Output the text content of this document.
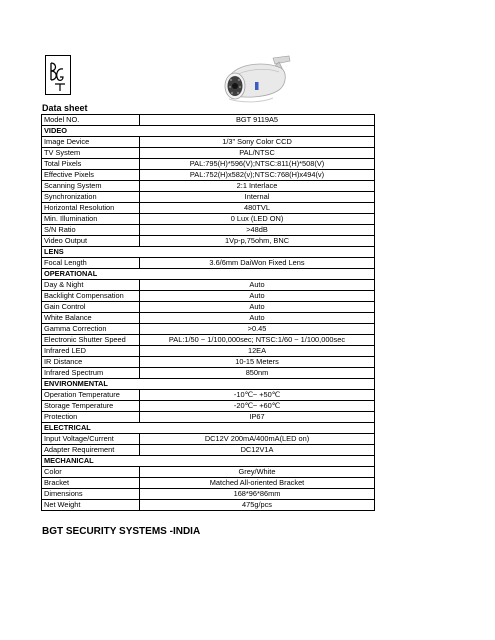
Data sheet
Model NO.	BGT 9119A5
VIDEO	
Image Device	1/3" Sony Color CCD
TV System	PAL/NTSC
Total Pixels	PAL:795(H)*596(V);NTSC:811(H)*508(V)
Effective Pixels	PAL:752(H)x582(v);NTSC:768(H)x494(v)
Scanning System	2:1 Interlace
Synchronization	Internal
Horizontal Resolution	480TVL
Min. Illumination	0 Lux (LED ON)
S/N Ratio	>48dB
Video Output	1Vp-p,75ohm, BNC
LENS	
Focal Length	3.6/6mm DaiWon Fixed Lens
OPERATIONAL	
Day & Night	Auto
Backlight Compensation	Auto
Gain Control	Auto
White Balance	Auto
Gamma Correction	>0.45
Electronic Shutter Speed	PAL:1/50 ~ 1/100,000sec; NTSC:1/60 ~ 1/100,000sec
Infrared LED	12EA
IR Distance	10-15 Meters
Infrared Spectrum	850nm
ENVIRONMENTAL	
Operation Temperature	-10℃~ +50℃
Storage Temperature	-20℃~ +60℃
Protection	IP67
ELECTRICAL	
Input Voltage/Current	DC12V 200mA/400mA(LED on)
Adapter Requirement	DC12V1A
MECHANICAL	
Color	Grey/White
Bracket	Matched All-oriented Bracket
Dimensions	168*96*86mm
Net Weight	475g/pcs
BGT SECURITY SYSTEMS -INDIA
